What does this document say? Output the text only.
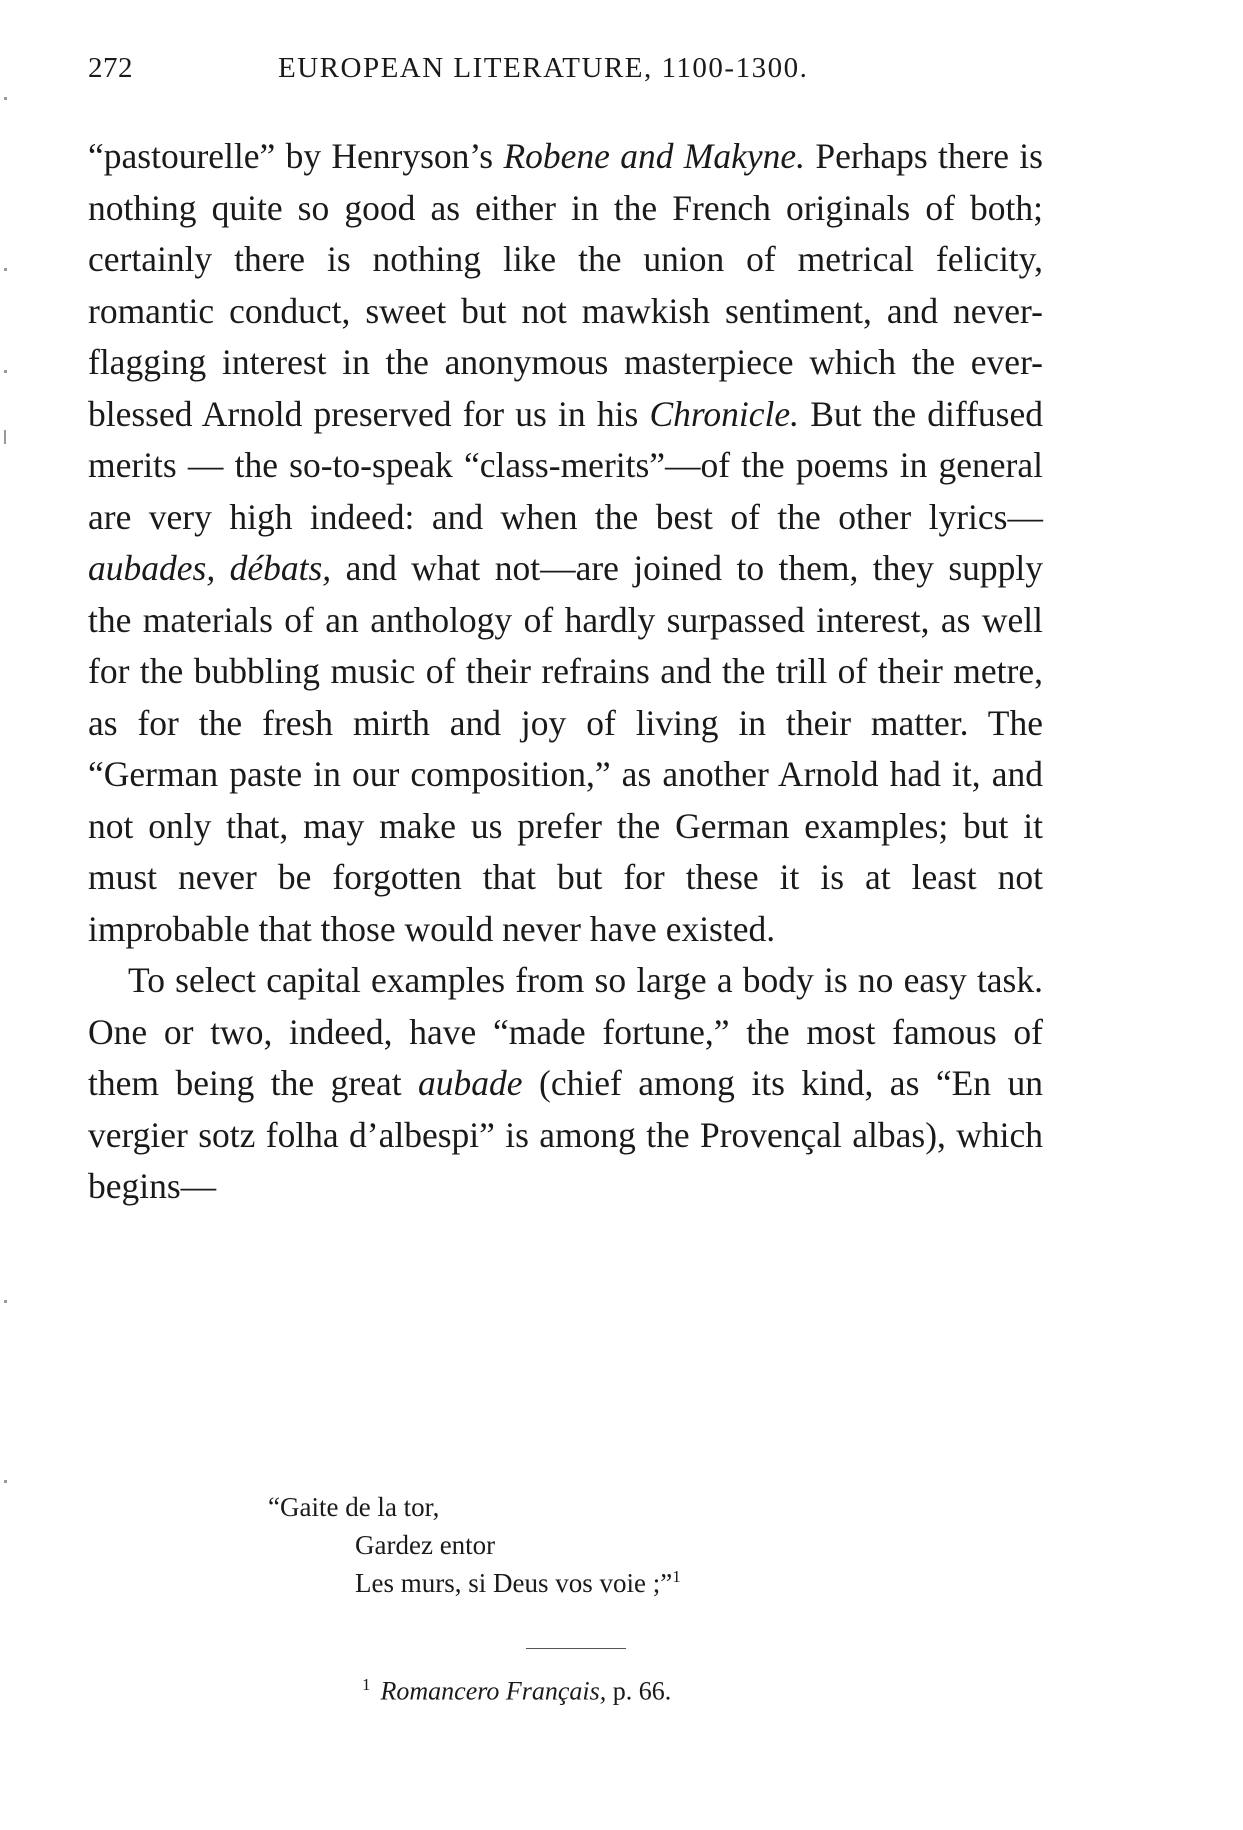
272	EUROPEAN LITERATURE, 1100-1300.

“pastourelle” by Henryson’s Robene and Makyne. Perhaps there is nothing quite so good as either in the French originals of both; certainly there is nothing like the union of metrical felicity, romantic conduct, sweet but not mawkish sentiment, and never-flagging interest in the anonymous masterpiece which the ever-blessed Arnold preserved for us in his Chronicle. But the diffused merits — the so-to-speak “class-merits”—of the poems in general are very high indeed: and when the best of the other lyrics—aubades, débats, and what not—are joined to them, they supply the materials of an anthology of hardly surpassed interest, as well for the bubbling music of their refrains and the trill of their metre, as for the fresh mirth and joy of living in their matter. The “German paste in our composition,” as another Arnold had it, and not only that, may make us prefer the German examples; but it must never be forgotten that but for these it is at least not improbable that those would never have existed.

To select capital examples from so large a body is no easy task. One or two, indeed, have “made fortune,” the most famous of them being the great aubade (chief among its kind, as “En un vergier sotz folha d’albespi” is among the Provençal albas), which begins—

“Gaite de la tor,
Gardez entor
Les murs, si Deus vos voie ;”$^1$
$^1$ Romancero Français, p. 66.
